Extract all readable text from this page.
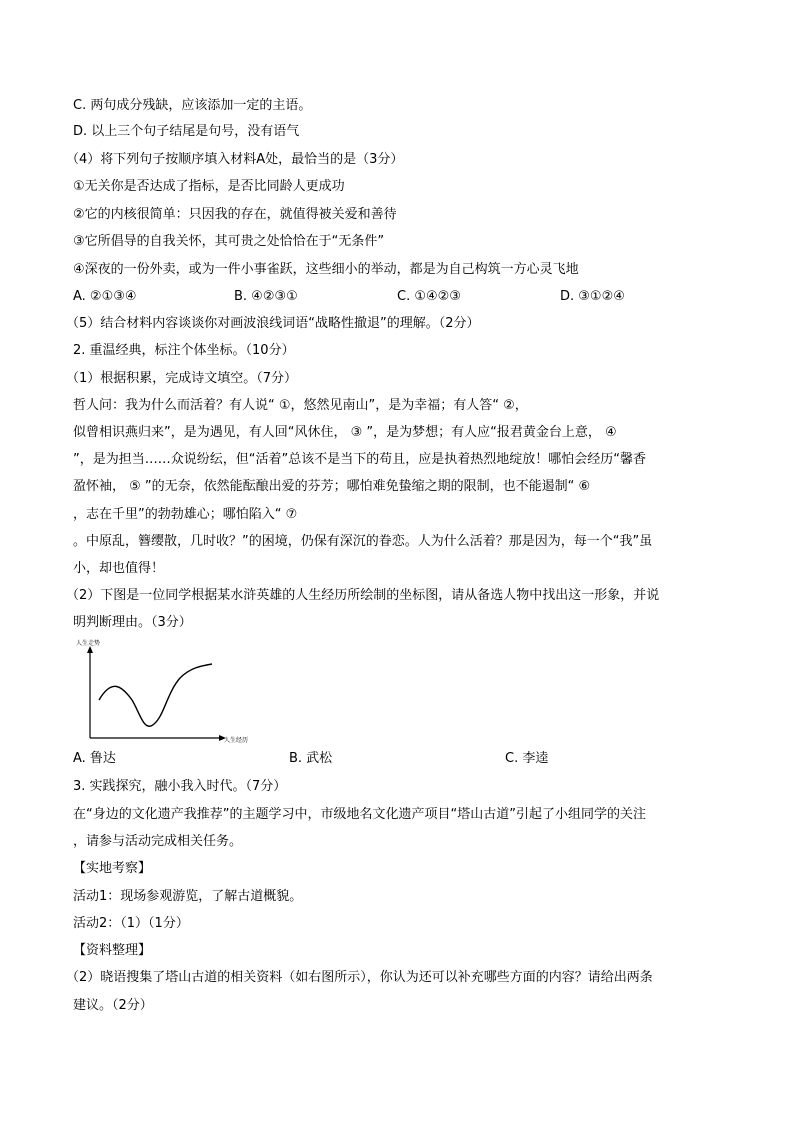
C. 两句成分残缺，应该添加一定的主语。
D. 以上三个句子结尾是句号，没有语气
（4）将下列句子按顺序填入材料A处，最恰当的是（3分）
①无关你是否达成了指标，是否比同龄人更成功
②它的内核很简单：只因我的存在，就值得被关爱和善待
③它所倡导的自我关怀，其可贵之处恰恰在于“无条件”
④深夜的一份外卖，或为一件小事雀跃，这些细小的举动，都是为自己构筑一方心灵飞地
A. ②①③④	B. ④②③①	C. ①④②③	D. ③①②④
（5）结合材料内容谈谈你对画波浪线词语“战略性撤退”的理解。（2分）
2. 重温经典，标注个体坐标。（10分）
（1）根据积累，完成诗文填空。（7分）
哲人问：我为什么而活着？有人说“ ①，悠然见南山”，是为幸福；有人答“ ②，
似曾相识燕归来”，是为遇见，有人回“风休住， ③ ”，是为梦想；有人应“报君黄金台上意， ④
”，是为担当……众说纷纭，但“活着”总该不是当下的苟且，应是执着热烈地绽放！哪怕会经历“馨香
盈怀袖， ⑤ ”的无奈，依然能酝酿出爱的芬芳；哪怕难免蛰缩之期的限制，也不能遏制“ ⑥
，志在千里”的勃勃雄心；哪怕陷入“ ⑦
。中原乱，簪缨散，几时收？”的困境，仍保有深沉的眷恋。人为什么活着？那是因为，每一个“我”虽
小，却也值得！
（2）下图是一位同学根据某水浒英雄的人生经历所绘制的坐标图，请从备选人物中找出这一形象，并说
明判断理由。（3分）
人生走势
人生经历
A. 鲁达	B. 武松	C. 李逵
3. 实践探究，融小我入时代。（7分）
在“身边的文化遗产我推荐”的主题学习中，市级地名文化遗产项目“塔山古道”引起了小组同学的关注
，请参与活动完成相关任务。
【实地考察】
活动1：现场参观游览，了解古道概貌。
活动2：（1）（1分）
【资料整理】
（2）晓语搜集了塔山古道的相关资料（如右图所示），你认为还可以补充哪些方面的内容？请给出两条
建议。（2分）
